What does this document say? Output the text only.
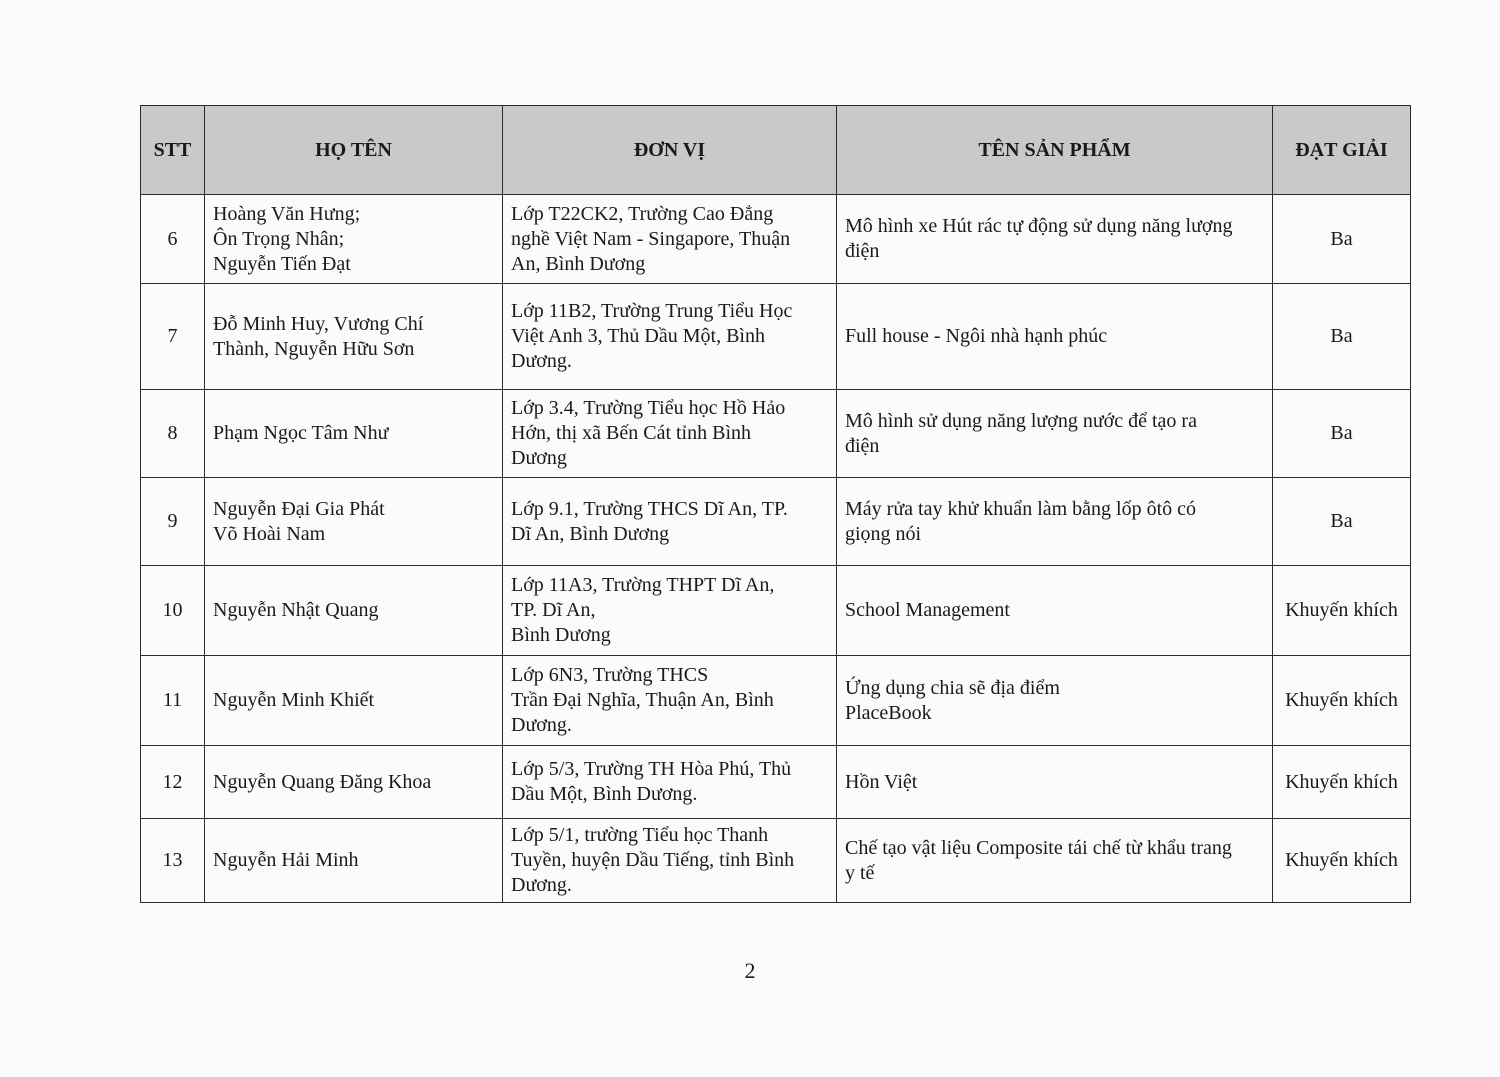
STT	HỌ TÊN	ĐƠN VỊ	TÊN SẢN PHẨM	ĐẠT GIẢI
6	Hoàng Văn Hưng;
Ôn Trọng Nhân;
Nguyễn Tiến Đạt	Lớp T22CK2, Trường Cao Đẳng
nghề Việt Nam - Singapore, Thuận
An, Bình Dương	Mô hình xe Hút rác tự động sử dụng năng lượng
điện	Ba
7	Đỗ Minh Huy, Vương Chí
Thành, Nguyễn Hữu Sơn	Lớp 11B2, Trường Trung Tiểu Học
Việt Anh 3, Thủ Dầu Một, Bình
Dương.	Full house - Ngôi nhà hạnh phúc	Ba
8	Phạm Ngọc Tâm Như	Lớp 3.4, Trường Tiểu học Hồ Hảo
Hớn, thị xã Bến Cát tỉnh Bình
Dương	Mô hình sử dụng năng lượng nước để tạo ra
điện	Ba
9	Nguyễn Đại Gia Phát
Võ Hoài Nam	Lớp 9.1, Trường THCS Dĩ An, TP.
Dĩ An, Bình Dương	Máy rửa tay khử khuẩn làm bằng lốp ôtô có
giọng nói	Ba
10	Nguyễn Nhật Quang	Lớp 11A3, Trường THPT Dĩ An,
TP. Dĩ An,
Bình Dương	School Management	Khuyến khích
11	Nguyễn Minh Khiết	Lớp 6N3, Trường THCS
Trần Đại Nghĩa, Thuận An, Bình
Dương.	Ứng dụng chia sẽ địa điểm
PlaceBook	Khuyến khích
12	Nguyễn Quang Đăng Khoa	Lớp 5/3, Trường TH Hòa Phú, Thủ
Dầu Một, Bình Dương.	Hồn Việt	Khuyến khích
13	Nguyễn Hải Minh	Lớp 5/1, trường Tiểu học Thanh
Tuyền, huyện Dầu Tiếng, tỉnh Bình
Dương.	Chế tạo vật liệu Composite tái chế từ khẩu trang
y tế	Khuyến khích
2
